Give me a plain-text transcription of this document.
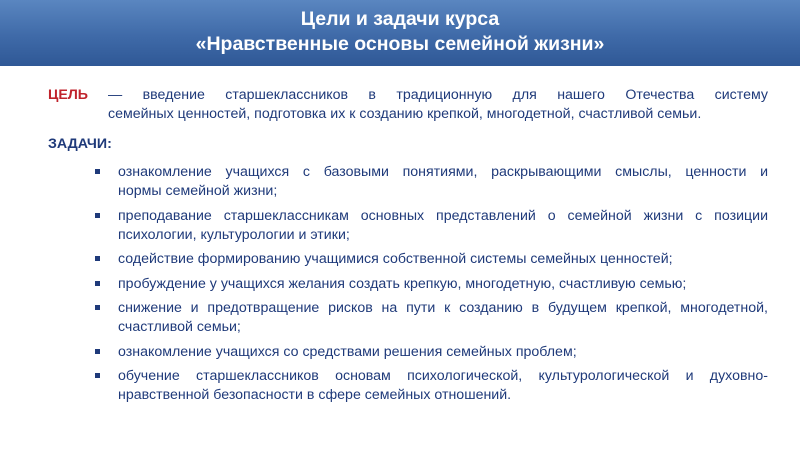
Цели и задачи курса
«Нравственные основы семейной жизни»
ЦЕЛЬ	— введение старшеклассников в традиционную для нашего Отечества систему
семейных ценностей, подготовка их к созданию крепкой, многодетной, счастливой семьи.
ЗАДАЧИ:
ознакомление учащихся с базовыми понятиями, раскрывающими смыслы, ценности и
нормы семейной жизни;
преподавание старшеклассникам основных представлений о семейной жизни с позиции
психологии, культурологии и этики;
содействие формированию учащимися собственной системы семейных ценностей;
пробуждение у учащихся желания создать крепкую, многодетную, счастливую семью;
снижение и предотвращение рисков на пути к созданию в будущем крепкой, многодетной,
счастливой семьи;
ознакомление учащихся со средствами решения семейных проблем;
обучение старшеклассников основам психологической, культурологической и духовно-
нравственной безопасности в сфере семейных отношений.
